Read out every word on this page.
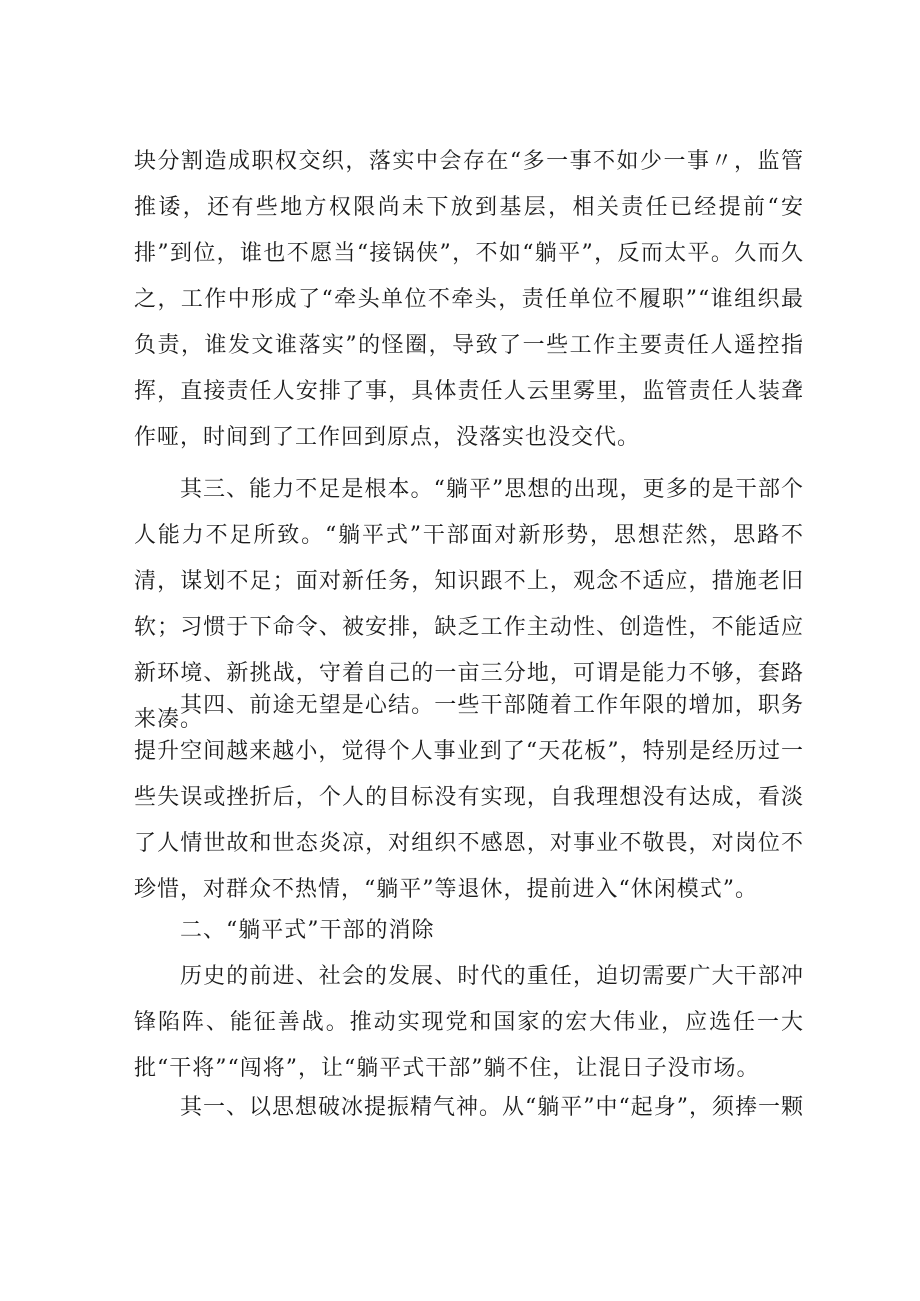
块分割造成职权交织，落实中会存在“多一事不如少一事〃，监管推诿，还有些地方权限尚未下放到基层，相关责任已经提前“安排”到位，谁也不愿当“接锅侠”，不如“躺平”，反而太平。久而久之，工作中形成了“牵头单位不牵头，责任单位不履职”“谁组织最负责，谁发文谁落实”的怪圈，导致了一些工作主要责任人遥控指挥，直接责任人安排了事，具体责任人云里雾里，监管责任人装聋作哑，时间到了工作回到原点，没落实也没交代。

其三、能力不足是根本。“躺平”思想的出现，更多的是干部个人能力不足所致。“躺平式”干部面对新形势，思想茫然，思路不清，谋划不足；面对新任务，知识跟不上，观念不适应，措施老旧软；习惯于下命令、被安排，缺乏工作主动性、创造性，不能适应新环境、新挑战，守着自己的一亩三分地，可谓是能力不够，套路来凑。

其四、前途无望是心结。一些干部随着工作年限的增加，职务提升空间越来越小，觉得个人事业到了“天花板”，特别是经历过一些失误或挫折后，个人的目标没有实现，自我理想没有达成，看淡了人情世故和世态炎凉，对组织不感恩，对事业不敬畏，对岗位不珍惜，对群众不热情，“躺平”等退休，提前进入“休闲模式”。

二、“躺平式”干部的消除

历史的前进、社会的发展、时代的重任，迫切需要广大干部冲锋陷阵、能征善战。推动实现党和国家的宏大伟业，应选任一大批“干将”“闯将”，让“躺平式干部”躺不住，让混日子没市场。

其一、以思想破冰提振精气神。从“躺平”中“起身”，须捧一颗
